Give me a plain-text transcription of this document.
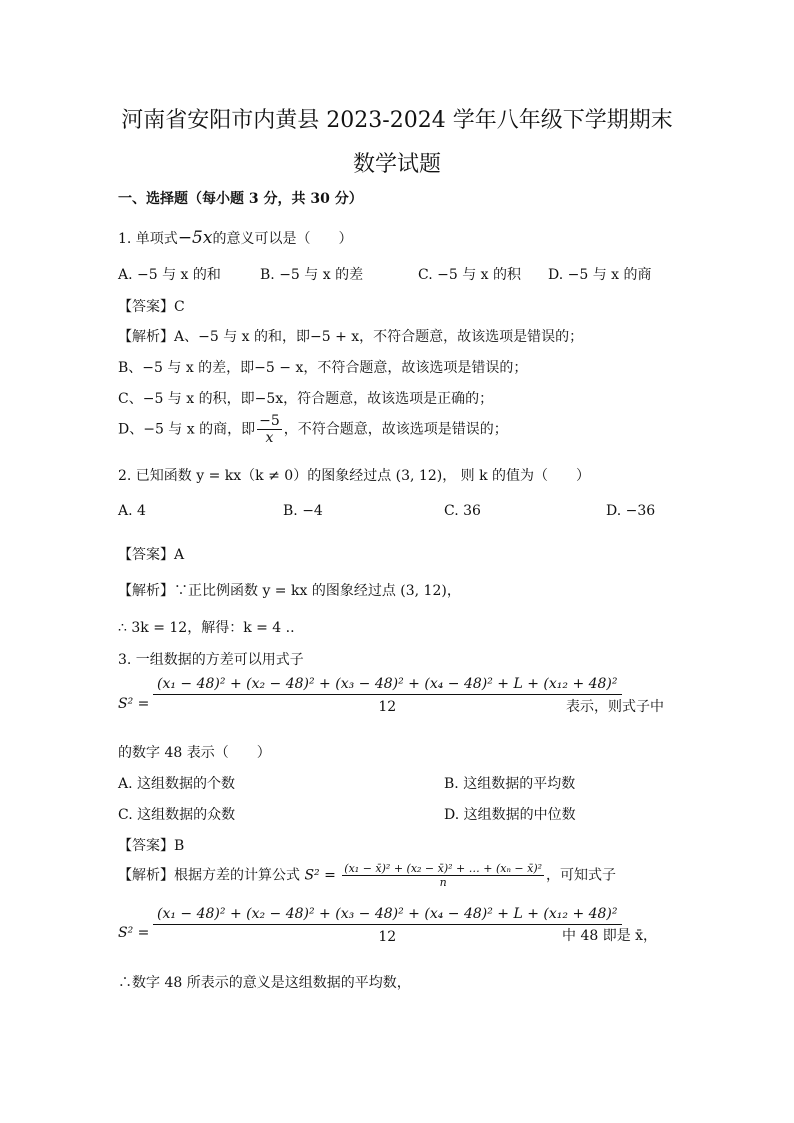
河南省安阳市内黄县 2023-2024 学年八年级下学期期末
数学试题
一、选择题（每小题 3 分，共 30 分）
1. 单项式−5x的意义可以是（　　）
A. −5 与 x 的和	B. −5 与 x 的差	C. −5 与 x 的积 D. −5 与 x 的商
【答案】C
【解析】A、−5 与 x 的和，即−5 + x，不符合题意，故该选项是错误的；
B、−5 与 x 的差，即−5 − x，不符合题意，故该选项是错误的；
C、−5 与 x 的积，即−5x，符合题意，故该选项是正确的；
D、−5 与 x 的商，即 $\frac{-5}{x}$ ，不符合题意，故该选项是错误的；
2. 已知函数 y = kx（k ≠ 0）的图象经过点 (3, 12)， 则 k 的值为（　　）
A. 4	B. −4	C. 36	D. −36
【答案】A
【解析】∵正比例函数 y = kx 的图象经过点 (3, 12)，
∴ 3k = 12，解得：k = 4 ..
3. 一组数据的方差可以用式子
S² =
(x₁ − 48)² + (x₂ − 48)² + (x₃ − 48)² + (x₄ − 48)² + L + (x₁₂ + 48)²
12	表示，则式子中
的数字 48 表示（　　）
A. 这组数据的个数	B. 这组数据的平均数
C. 这组数据的众数	D. 这组数据的中位数
【答案】B
【解析】根据方差的计算公式 $S^2 = \frac{\text{(x₁ − x̄)² + (x₂ − x̄)² + … + (xₙ − x̄)²}}{n}$ ，可知式子
S² =
(x₁ − 48)² + (x₂ − 48)² + (x₃ − 48)² + (x₄ − 48)² + L + (x₁₂ + 48)²
12	中 48 即是 x̄，
∴数字 48 所表示的意义是这组数据的平均数，
